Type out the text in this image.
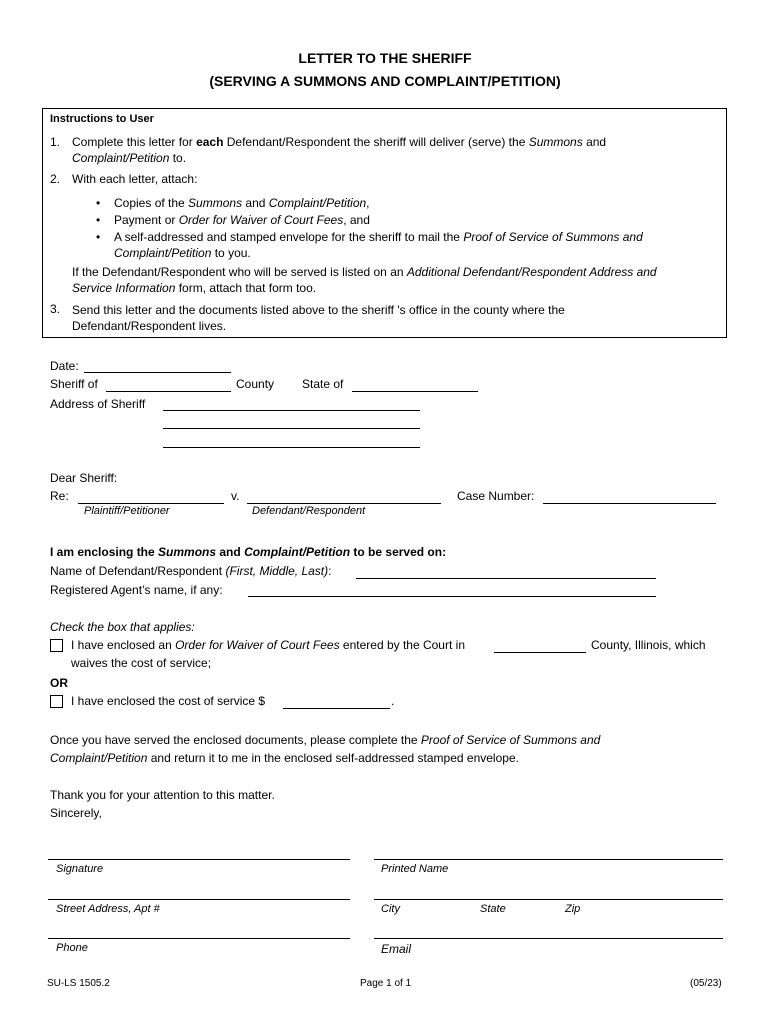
LETTER TO THE SHERIFF
(SERVING A SUMMONS AND COMPLAINT/PETITION)
Instructions to User
1. Complete this letter for each Defendant/Respondent the sheriff will deliver (serve) the Summons and
Complaint/Petition to.
2. With each letter, attach:
• Copies of the Summons and Complaint/Petition,
• Payment or Order for Waiver of Court Fees, and
• A self-addressed and stamped envelope for the sheriff to mail the Proof of Service of Summons and
Complaint/Petition to you.
If the Defendant/Respondent who will be served is listed on an Additional Defendant/Respondent Address and
Service Information form, attach that form too.
3. Send this letter and the documents listed above to the sheriff 's office in the county where the
Defendant/Respondent lives.
Date:
Sheriff of	County State of
Address of Sheriff
Dear Sheriff:
Re:	v.	Case Number:
Plaintiff/Petitioner	Defendant/Respondent
I am enclosing the Summons and Complaint/Petition to be served on:
Name of Defendant/Respondent (First, Middle, Last):
Registered Agent’s name, if any:
Check the box that applies:
I have enclosed an Order for Waiver of Court Fees entered by the Court in	County, Illinois, which
waives the cost of service;
OR
I have enclosed the cost of service $	.
Once you have served the enclosed documents, please complete the Proof of Service of Summons and
Complaint/Petition and return it to me in the enclosed self-addressed stamped envelope.
Thank you for your attention to this matter.
Sincerely,
Signature	Printed Name
Street Address, Apt #	City	State	Zip
Phone	Email
SU-LS 1505.2	Page 1 of 1	(05/23)
